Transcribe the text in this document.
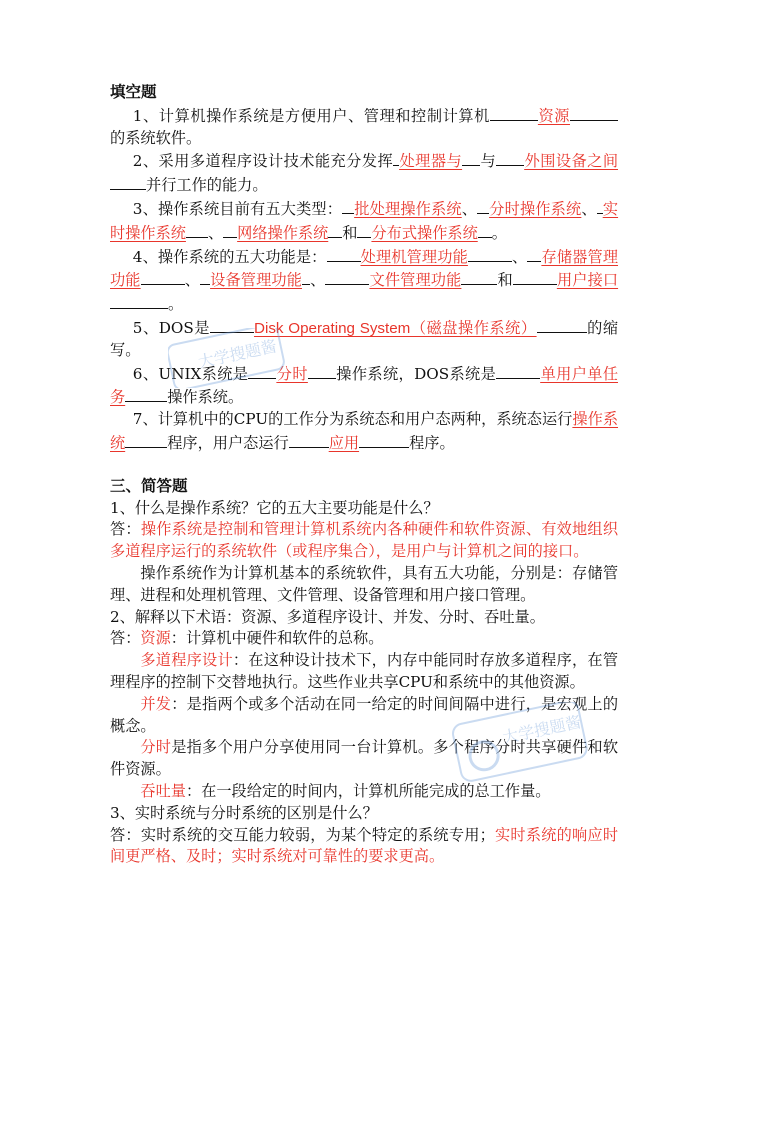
填空题

1、计算机操作系统是方便用户、管理和控制计算机	资源的系统软件。

2、采用多道程序设计技术能充分发挥 处理器与 与 外围设备之间并行工作的能力。

3、操作系统目前有五大类型： 批处理操作系统、 分时操作系统、 实时操作系统 、 网络操作系统 和 分布式操作系统 。

4、操作系统的五大功能是： 处理机管理功能	、 存储器管理功能	、 设备管理功能 、	文件管理功能 和	用户接口。

5、DOS是	Disk Operating System（磁盘操作系统）	的缩写。

6、UNIX系统是 分时 操作系统，DOS系统是	单用户单任务	操作系统。

7、计算机中的CPU的工作分为系统态和用户态两种，系统态运行操作系统	程序，用户态运行	应用	程序。

三、简答题

1、什么是操作系统？它的五大主要功能是什么？

答：操作系统是控制和管理计算机系统内各种硬件和软件资源、有效地组织多道程序运行的系统软件（或程序集合），是用户与计算机之间的接口。

操作系统作为计算机基本的系统软件，具有五大功能，分别是：存储管理、进程和处理机管理、文件管理、设备管理和用户接口管理。

2、解释以下术语：资源、多道程序设计、并发、分时、吞吐量。

答：资源：计算机中硬件和软件的总称。

多道程序设计：在这种设计技术下，内存中能同时存放多道程序，在管理程序的控制下交替地执行。这些作业共享CPU和系统中的其他资源。

并发：是指两个或多个活动在同一给定的时间间隔中进行，是宏观上的概念。

分时是指多个用户分享使用同一台计算机。多个程序分时共享硬件和软件资源。

吞吐量：在一段给定的时间内，计算机所能完成的总工作量。

3、实时系统与分时系统的区别是什么？

答：实时系统的交互能力较弱，为某个特定的系统专用；实时系统的响应时间更严格、及时；实时系统对可靠性的要求更高。

大学搜题酱
大学搜题酱
